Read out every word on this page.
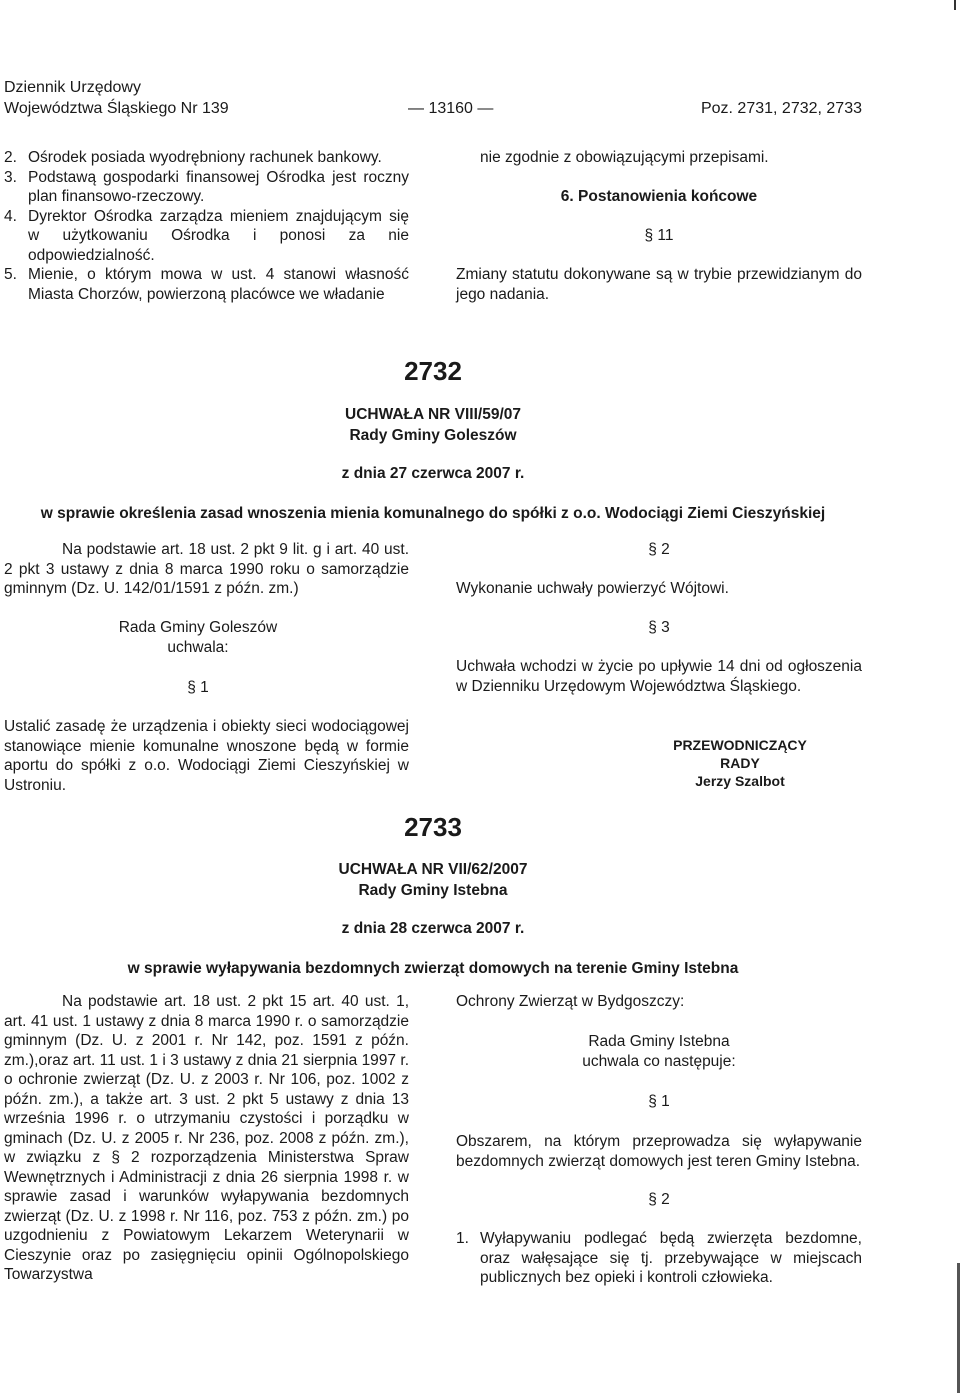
Dziennik Urzędowy
Województwa Śląskiego Nr 139	— 13160 —	Poz. 2731, 2732, 2733
2. Ośrodek posiada wyodrębniony rachunek bankowy.
3. Podstawą gospodarki finansowej Ośrodka jest roczny plan finansowo-rzeczowy.
4. Dyrektor Ośrodka zarządza mieniem znajdującym się w użytkowaniu Ośrodka i ponosi za nie odpowiedzialność.
5. Mienie, o którym mowa w ust. 4 stanowi własność Miasta Chorzów, powierzoną placówce we władanie
nie zgodnie z obowiązującymi przepisami.
6. Postanowienia końcowe
§ 11
Zmiany statutu dokonywane są w trybie przewidzianym do jego nadania.
2732
UCHWAŁA NR VIII/59/07
Rady Gminy Goleszów
z dnia 27 czerwca 2007 r.
w sprawie określenia zasad wnoszenia mienia komunalnego do spółki z o.o. Wodociągi Ziemi Cieszyńskiej
Na podstawie art. 18 ust. 2 pkt 9 lit. g i art. 40 ust. 2 pkt 3 ustawy z dnia 8 marca 1990 roku o samorządzie gminnym (Dz. U. 142/01/1591 z późn. zm.)
Rada Gminy Goleszów
uchwala:
§ 1
Ustalić zasadę że urządzenia i obiekty sieci wodociągowej stanowiące mienie komunalne wnoszone będą w formie aportu do spółki z o.o. Wodociągi Ziemi Cieszyńskiej w Ustroniu.
§ 2
Wykonanie uchwały powierzyć Wójtowi.
§ 3
Uchwała wchodzi w życie po upływie 14 dni od ogłoszenia w Dzienniku Urzędowym Województwa Śląskiego.
PRZEWODNICZĄCY RADY
Jerzy Szalbot
2733
UCHWAŁA NR VII/62/2007
Rady Gminy Istebna
z dnia 28 czerwca 2007 r.
w sprawie wyłapywania bezdomnych zwierząt domowych na terenie Gminy Istebna
Na podstawie art. 18 ust. 2 pkt 15 art. 40 ust. 1, art. 41 ust. 1 ustawy z dnia 8 marca 1990 r. o samorządzie gminnym (Dz. U. z 2001 r. Nr 142, poz. 1591 z późn. zm.),oraz art. 11 ust. 1 i 3 ustawy z dnia 21 sierpnia 1997 r. o ochronie zwierząt (Dz. U. z 2003 r. Nr 106, poz. 1002 z późn. zm.), a także art. 3 ust. 2 pkt 5 ustawy z dnia 13 września 1996 r. o utrzymaniu czystości i porządku w gminach (Dz. U. z 2005 r. Nr 236, poz. 2008 z późn. zm.), w związku z § 2 rozporządzenia Ministerstwa Spraw Wewnętrznych i Administracji z dnia 26 sierpnia 1998 r. w sprawie zasad i warunków wyłapywania bezdomnych zwierząt (Dz. U. z 1998 r. Nr 116, poz. 753 z późn. zm.) po uzgodnieniu z Powiatowym Lekarzem Weterynarii w Cieszynie oraz po zasięgnięciu opinii Ogólnopolskiego Towarzystwa
Ochrony Zwierząt w Bydgoszczy:
Rada Gminy Istebna
uchwala co następuje:
§ 1
Obszarem, na którym przeprowadza się wyłapywanie bezdomnych zwierząt domowych jest teren Gminy Istebna.
§ 2
1. Wyłapywaniu podlegać będą zwierzęta bezdomne, oraz wałęsające się tj. przebywające w miejscach publicznych bez opieki i kontroli człowieka.
